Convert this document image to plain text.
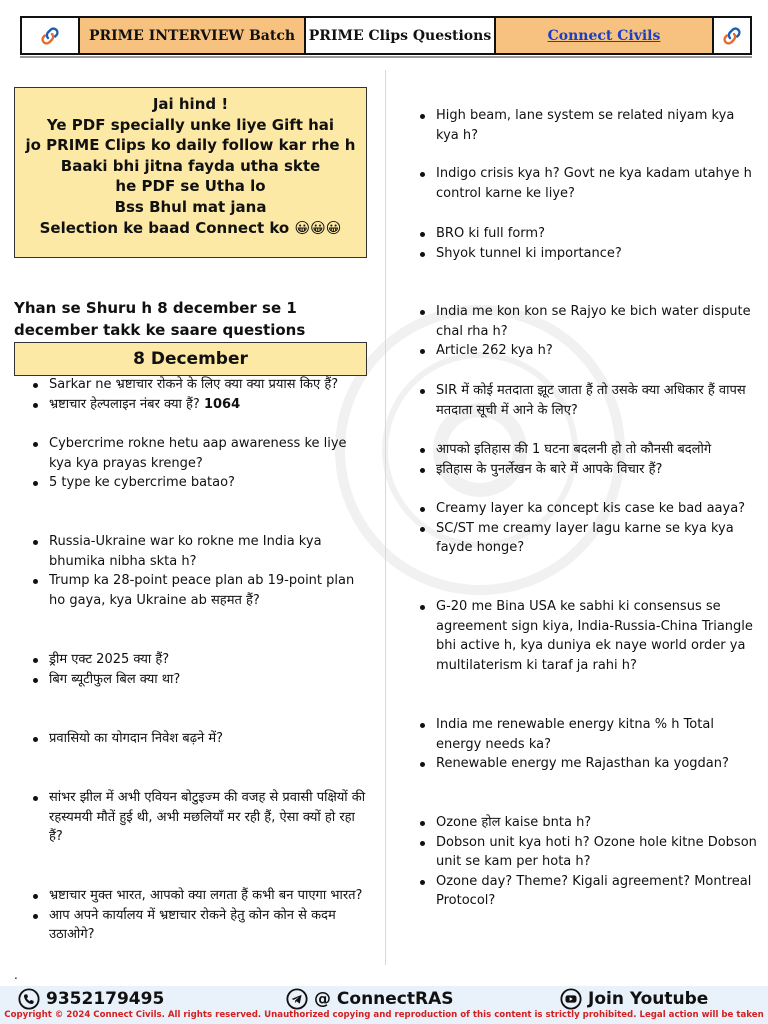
PRIME INTERVIEW Batch PRIME Clips Questions	Connect Civils
Jai hind !
Ye PDF specially unke liye Gift hai
jo PRIME Clips ko daily follow kar rhe h
Baaki bhi jitna fayda utha skte
he PDF se Utha lo
Bss Bhul mat jana
Selection ke baad Connect ko 😀😀😀
Yhan se Shuru h 8 december se 1
december takk ke saare questions
8 December
Sarkar ne भ्रष्टाचार रोकने के लिए क्या क्या प्रयास किए हैं?
भ्रष्टाचार हेल्पलाइन नंबर क्या हैं? 1064
Cybercrime rokne hetu aap awareness ke liye kya kya prayas krenge?
5 type ke cybercrime batao?
Russia-Ukraine war ko rokne me India kya bhumika nibha skta h?
Trump ka 28-point peace plan ab 19-point plan ho gaya, kya Ukraine ab सहमत हैं?
ड्रीम एक्ट 2025 क्या हैं?
बिग ब्यूटीफुल बिल क्या था?
प्रवासियो का योगदान निवेश बढ़ने में?
सांभर झील में अभी एवियन बोटुइज्म की वजह से प्रवासी पक्षियों की रहस्यमयी मौतें हुई थी, अभी मछलियाँ मर रही हैं, ऐसा क्यों हो रहा हैं?
भ्रष्टाचार मुक्त भारत, आपको क्या लगता हैं कभी बन पाएगा भारत?
आप अपने कार्यालय में भ्रष्टाचार रोकने हेतु कोन कोन से कदम उठाओगे?
High beam, lane system se related niyam kya kya h?
Indigo crisis kya h? Govt ne kya kadam utahye h control karne ke liye?
BRO ki full form?
Shyok tunnel ki importance?
India me kon kon se Rajyo ke bich water dispute chal rha h?
Article 262 kya h?
SIR में कोई मतदाता झूट जाता हैं तो उसके क्या अधिकार हैं वापस मतदाता सूची में आने के लिए?
आपको इतिहास की 1 घटना बदलनी हो तो कौनसी बदलोगे
इतिहास के पुनर्लेखन के बारे में आपके विचार हैं?
Creamy layer ka concept kis case ke bad aaya?
SC/ST me creamy layer lagu karne se kya kya fayde honge?
G-20 me Bina USA ke sabhi ki consensus se agreement sign kiya, India-Russia-China Triangle bhi active h, kya duniya ek naye world order ya multilaterism ki taraf ja rahi h?
India me renewable energy kitna % h Total energy needs ka?
Renewable energy me Rajasthan ka yogdan?
Ozone होल kaise bnta h?
Dobson unit kya hoti h? Ozone hole kitne Dobson unit se kam per hota h?
Ozone day? Theme? Kigali agreement? Montreal Protocol?
.
9352179495	@ ConnectRAS	Join Youtube
Copyright © 2024 Connect Civils. All rights reserved. Unauthorized copying and reproduction of this content is strictly prohibited. Legal action will be taken
